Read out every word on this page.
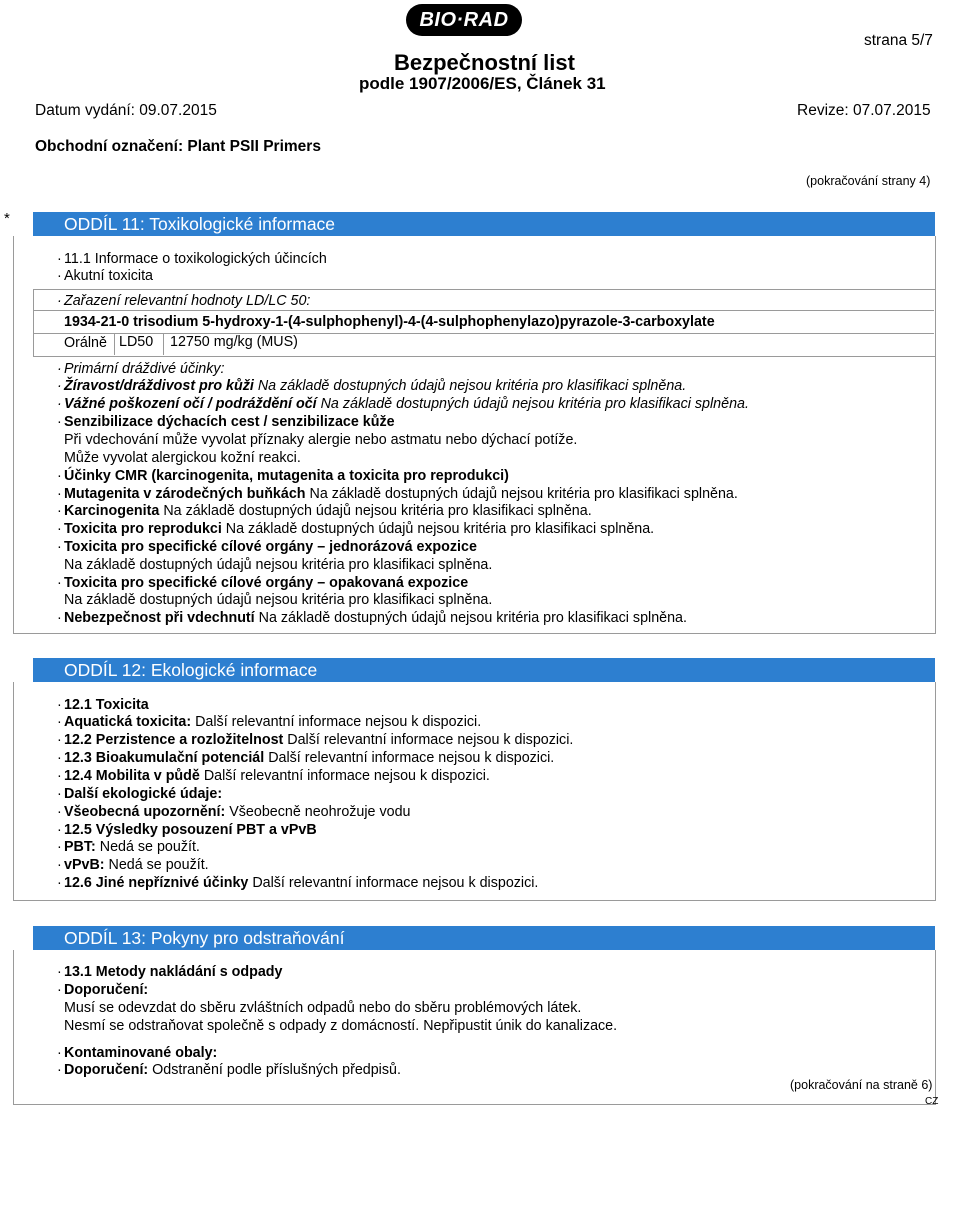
BIO·RAD
strana 5/7
Bezpečnostní list
podle 1907/2006/ES, Článek 31
Datum vydání: 09.07.2015	Revize: 07.07.2015
Obchodní označení: Plant PSII Primers
(pokračování strany 4)
*	ODDÍL 11: Toxikologické informace
· 11.1 Informace o toxikologických účincích
· Akutní toxicita
· Zařazení relevantní hodnoty LD/LC 50:
1934-21-0 trisodium 5-hydroxy-1-(4-sulphophenyl)-4-(4-sulphophenylazo)pyrazole-3-carboxylate
Orálně LD50 12750 mg/kg (MUS)
· Primární dráždivé účinky:
· Žíravost/dráždivost pro kůži Na základě dostupných údajů nejsou kritéria pro klasifikaci splněna.
· Vážné poškození očí / podráždění očí Na základě dostupných údajů nejsou kritéria pro klasifikaci splněna.
· Senzibilizace dýchacích cest / senzibilizace kůže
Při vdechování může vyvolat příznaky alergie nebo astmatu nebo dýchací potíže.
Může vyvolat alergickou kožní reakci.
· Účinky CMR (karcinogenita, mutagenita a toxicita pro reprodukci)
· Mutagenita v zárodečných buňkách Na základě dostupných údajů nejsou kritéria pro klasifikaci splněna.
· Karcinogenita Na základě dostupných údajů nejsou kritéria pro klasifikaci splněna.
· Toxicita pro reprodukci Na základě dostupných údajů nejsou kritéria pro klasifikaci splněna.
· Toxicita pro specifické cílové orgány – jednorázová expozice
Na základě dostupných údajů nejsou kritéria pro klasifikaci splněna.
· Toxicita pro specifické cílové orgány – opakovaná expozice
Na základě dostupných údajů nejsou kritéria pro klasifikaci splněna.
· Nebezpečnost při vdechnutí Na základě dostupných údajů nejsou kritéria pro klasifikaci splněna.
ODDÍL 12: Ekologické informace
· 12.1 Toxicita
· Aquatická toxicita: Další relevantní informace nejsou k dispozici.
· 12.2 Perzistence a rozložitelnost Další relevantní informace nejsou k dispozici.
· 12.3 Bioakumulační potenciál Další relevantní informace nejsou k dispozici.
· 12.4 Mobilita v půdě Další relevantní informace nejsou k dispozici.
· Další ekologické údaje:
· Všeobecná upozornění: Všeobecně neohrožuje vodu
· 12.5 Výsledky posouzení PBT a vPvB
· PBT: Nedá se použít.
· vPvB: Nedá se použít.
· 12.6 Jiné nepříznivé účinky Další relevantní informace nejsou k dispozici.
ODDÍL 13: Pokyny pro odstraňování
· 13.1 Metody nakládání s odpady
· Doporučení:
Musí se odevzdat do sběru zvláštních odpadů nebo do sběru problémových látek.
Nesmí se odstraňovat společně s odpady z domácností. Nepřipustit únik do kanalizace.
· Kontaminované obaly:
· Doporučení: Odstranění podle příslušných předpisů.
(pokračování na straně 6)
CZ
